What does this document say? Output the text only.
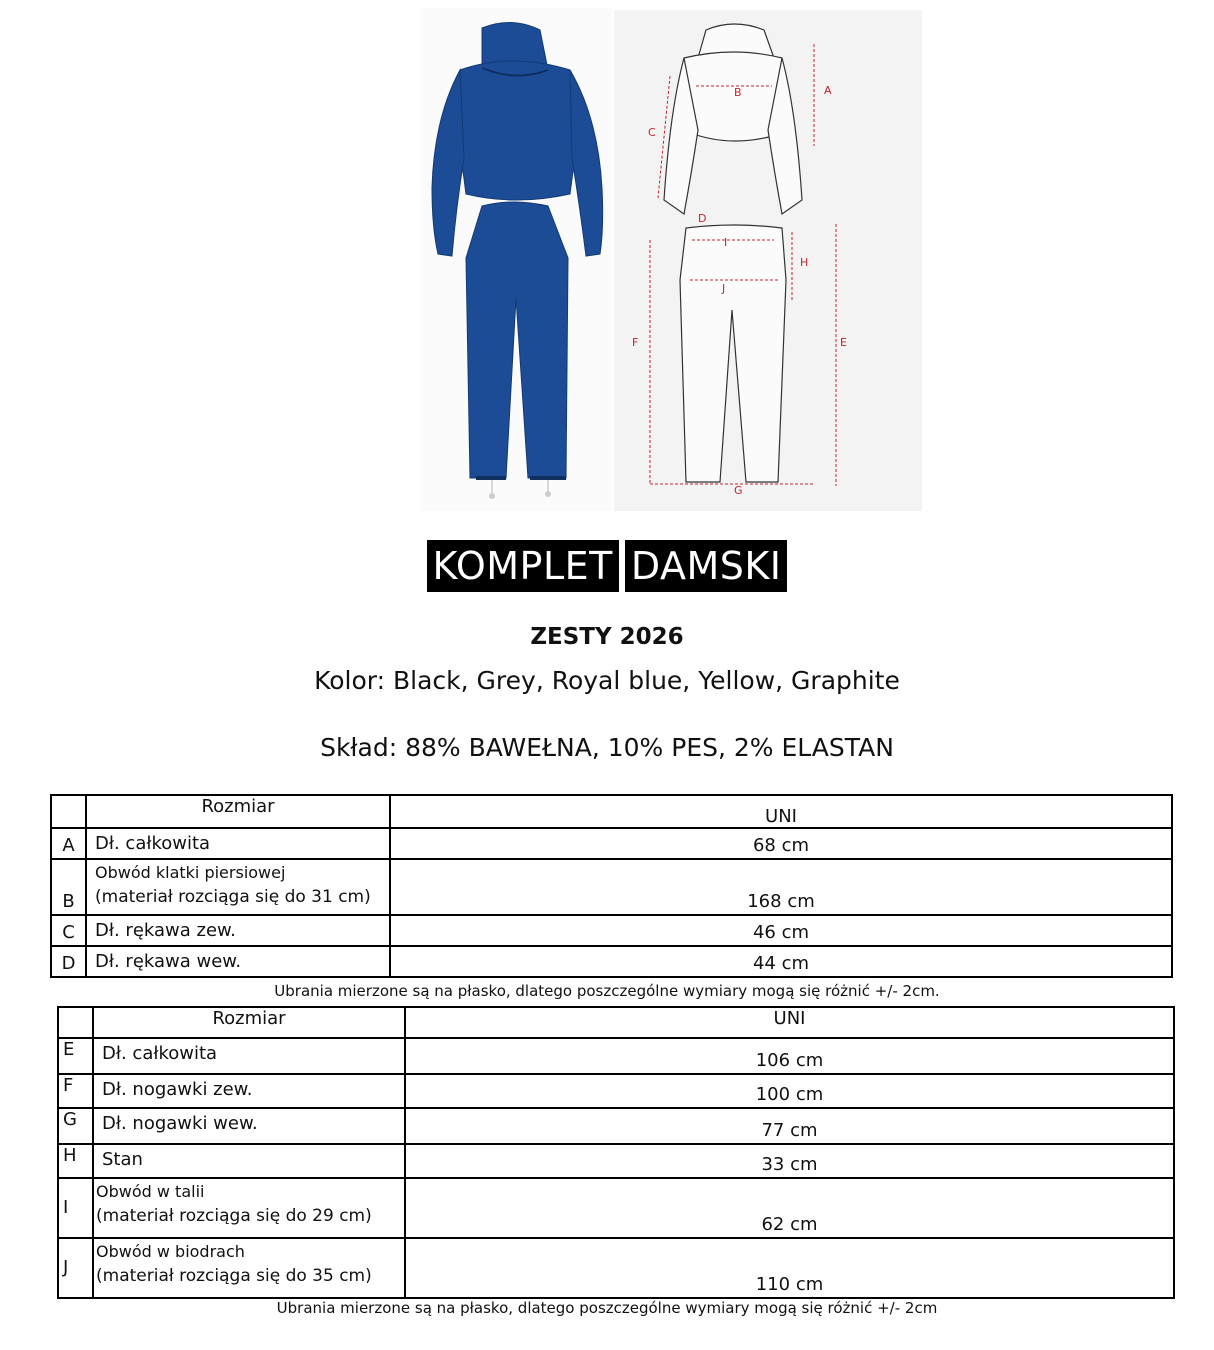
A
B
C
D
E
F
G
H
I
J
KOMPLET DAMSKI
ZESTY 2026
Kolor: Black, Grey, Royal blue, Yellow, Graphite
Skład: 88% BAWEŁNA, 10% PES, 2% ELASTAN
	Rozmiar	UNI
A	Dł. całkowita	68 cm
B	Obwód klatki piersiowej
(materiał rozciąga się do 31 cm)	168 cm
C	Dł. rękawa zew.	46 cm
D	Dł. rękawa wew.	44 cm
Ubrania mierzone są na płasko, dlatego poszczególne wymiary mogą się różnić +/- 2cm.
	Rozmiar	UNI
E	Dł. całkowita	106 cm
F	Dł. nogawki zew.	100 cm
G	Dł. nogawki wew.	77 cm
H	Stan	33 cm
I	Obwód w talii
(materiał rozciąga się do 29 cm)	62 cm
J	Obwód w biodrach
(materiał rozciąga się do 35 cm)	110 cm
Ubrania mierzone są na płasko, dlatego poszczególne wymiary mogą się różnić +/- 2cm
